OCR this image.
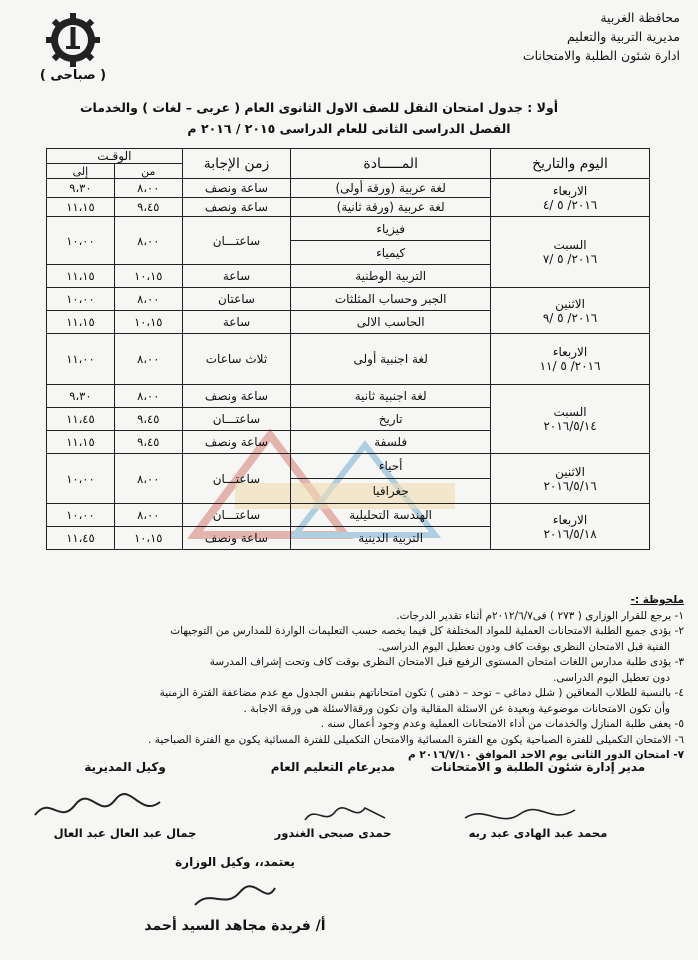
محافظة الغربية
مديرية التربية والتعليم
ادارة شئون الطلبة والامتحانات
( صباحى )
أولا : جدول امتحان النقل للصف الاول الثانوى العام ( عربى – لغات ) والخدمات
الفصل الدراسى الثانى للعام الدراسى ٢٠١٥ / ٢٠١٦ م
اليوم والتاريخ	المـــــادة	زمن الإجابة	الوقـت	
			من	إلى

الاربعاء
٢٠١٦/ ٥ /٤	لغة عربية (ورقة أولى)	ساعة ونصف	٨،٠٠	٩،٣٠
	لغة عربية (ورقة ثانية)	ساعة ونصف	٩،٤٥	١١،١٥

السبت
٢٠١٦/ ٥ /٧	فيزياء	ساعتـــان	٨،٠٠	١٠،٠٠
	كيمياء			
	التربية الوطنية	ساعة	١٠،١٥	١١،١٥

الاثنين
٢٠١٦/ ٥ /٩	الجبر وحساب المثلثات	ساعتان	٨،٠٠	١٠،٠٠
	الحاسب الالى	ساعة	١٠،١٥	١١،١٥

الاربعاء
٢٠١٦/ ٥ /١١	لغة اجنبية أولى	ثلاث ساعات	٨،٠٠	١١،٠٠

السبت
٢٠١٦/٥/١٤	لغة اجنبية ثانية	ساعة ونصف	٨،٠٠	٩،٣٠
	تاريخ	ساعتـــان	٩،٤٥	١١،٤٥
	فلسفة	ساعة ونصف	٩،٤٥	١١،١٥

الاثنين
٢٠١٦/٥/١٦	أحياء	ساعتـــان	٨،٠٠	١٠،٠٠
	جغرافيا			

الاربعاء
٢٠١٦/٥/١٨	الهندسة التحليلية	ساعتـــان	٨،٠٠	١٠،٠٠
	التربية الدينية	ساعة ونصف	١٠،١٥	١١،٤٥
ملحوظة :-
١- يرجع للقرار الوزارى ( ٢٧٣ ) فى٢٠١٢/٦/٧م أثناء تقدير الدرجات.
٢- يؤدى جميع الطلبة الامتحانات العملية للمواد المختلفة كل فيما يخصه حسب التعليمات الواردة للمدارس من التوجيهات
الفنية قبل الامتحان النظرى بوقت كاف ودون تعطيل اليوم الدراسى.
٣- يؤدى طلبة مدارس اللغات امتحان المستوى الرفيع قبل الامتحان النظرى بوقت كاف وتحت إشراف المدرسة
دون تعطيل اليوم الدراسى.
٤- بالنسبة للطلاب المعاقين ( شلل دماغى – توحد – ذهنى ) تكون امتحاناتهم بنفس الجدول مع عدم مضاعفة الفترة الزمنية
وأن تكون الامتحانات موضوعية وبعيدة عن الاسئلة المقالية وان تكون ورقةالاسئلة هى ورقة الاجابة .
٥- يعفى طلبة المنازل والخدمات من أداء الامتحانات العملية وعدم وجود أعمال سنه .
٦- الامتحان التكميلى للفترة الصباحية يكون مع الفترة المسائية والامتحان التكميلى للفترة المسائية يكون مع الفترة الصباحية .
٧- امتحان الدور الثانى يوم الاحد الموافق ٢٠١٦/٧/١٠ م
مدير إدارة شئون الطلبة و الامتحانات
محمد عبد الهادى عبد ربه
مديرعام التعليم العام
حمدى صبحى الغندور
وكيل المديرية
جمال عبد العال عبد العال
يعتمد،، وكيل الوزارة
أ/ فريدة مجاهد السيد أحمد
